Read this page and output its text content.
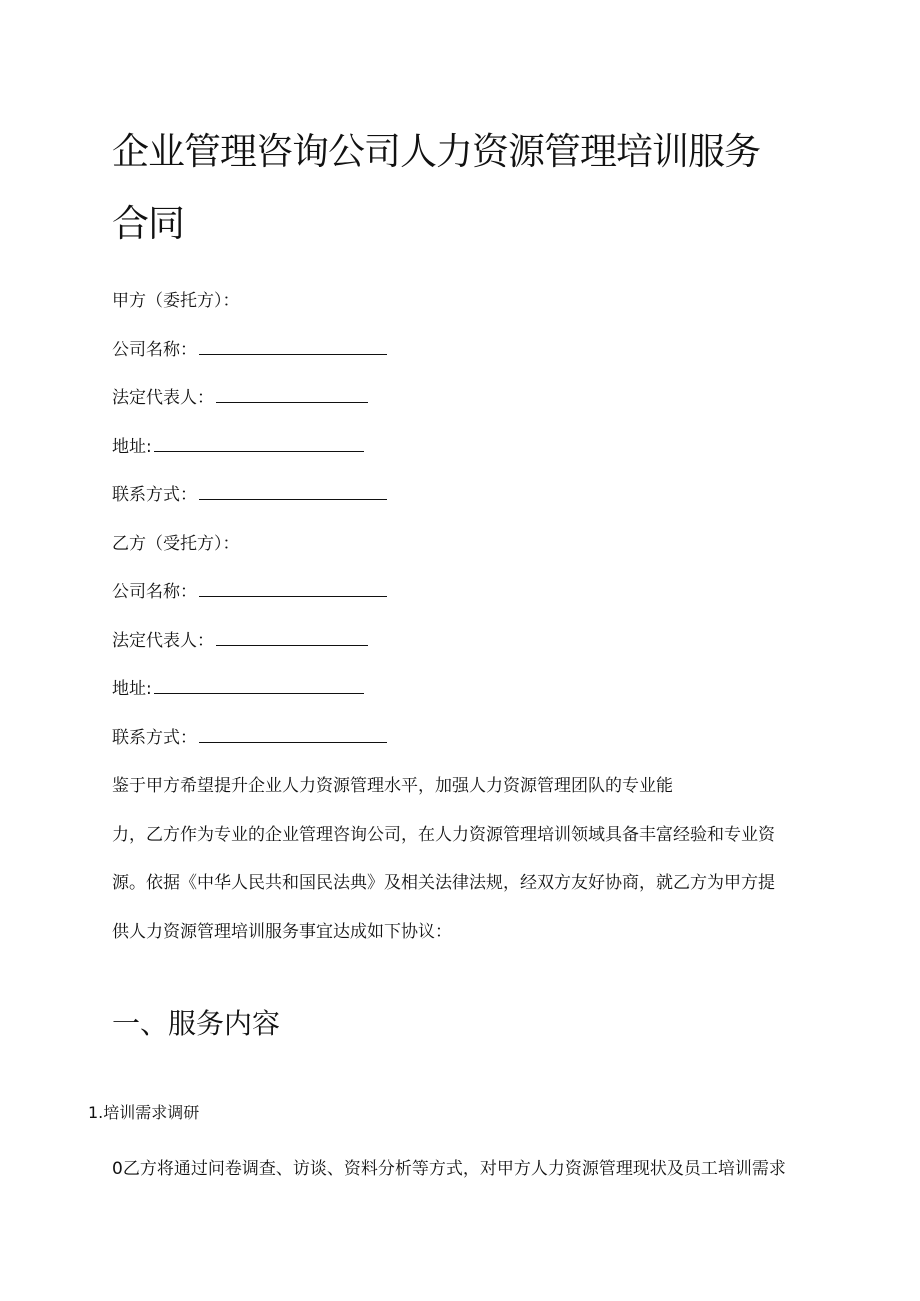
企业管理咨询公司人力资源管理培训服务
合同
甲方（委托方）：
公司名称：
法定代表人：
地址:
联系方式：
乙方（受托方）：
公司名称：
法定代表人：
地址:
联系方式：
鉴于甲方希望提升企业人力资源管理水平，加强人力资源管理团队的专业能
力，乙方作为专业的企业管理咨询公司，在人力资源管理培训领域具备丰富经验和专业资
源。依据《中华人民共和国民法典》及相关法律法规，经双方友好协商，就乙方为甲方提
供人力资源管理培训服务事宜达成如下协议：
一、服务内容
1.培训需求调研
0乙方将通过问卷调查、访谈、资料分析等方式，对甲方人力资源管理现状及员工培训需求
